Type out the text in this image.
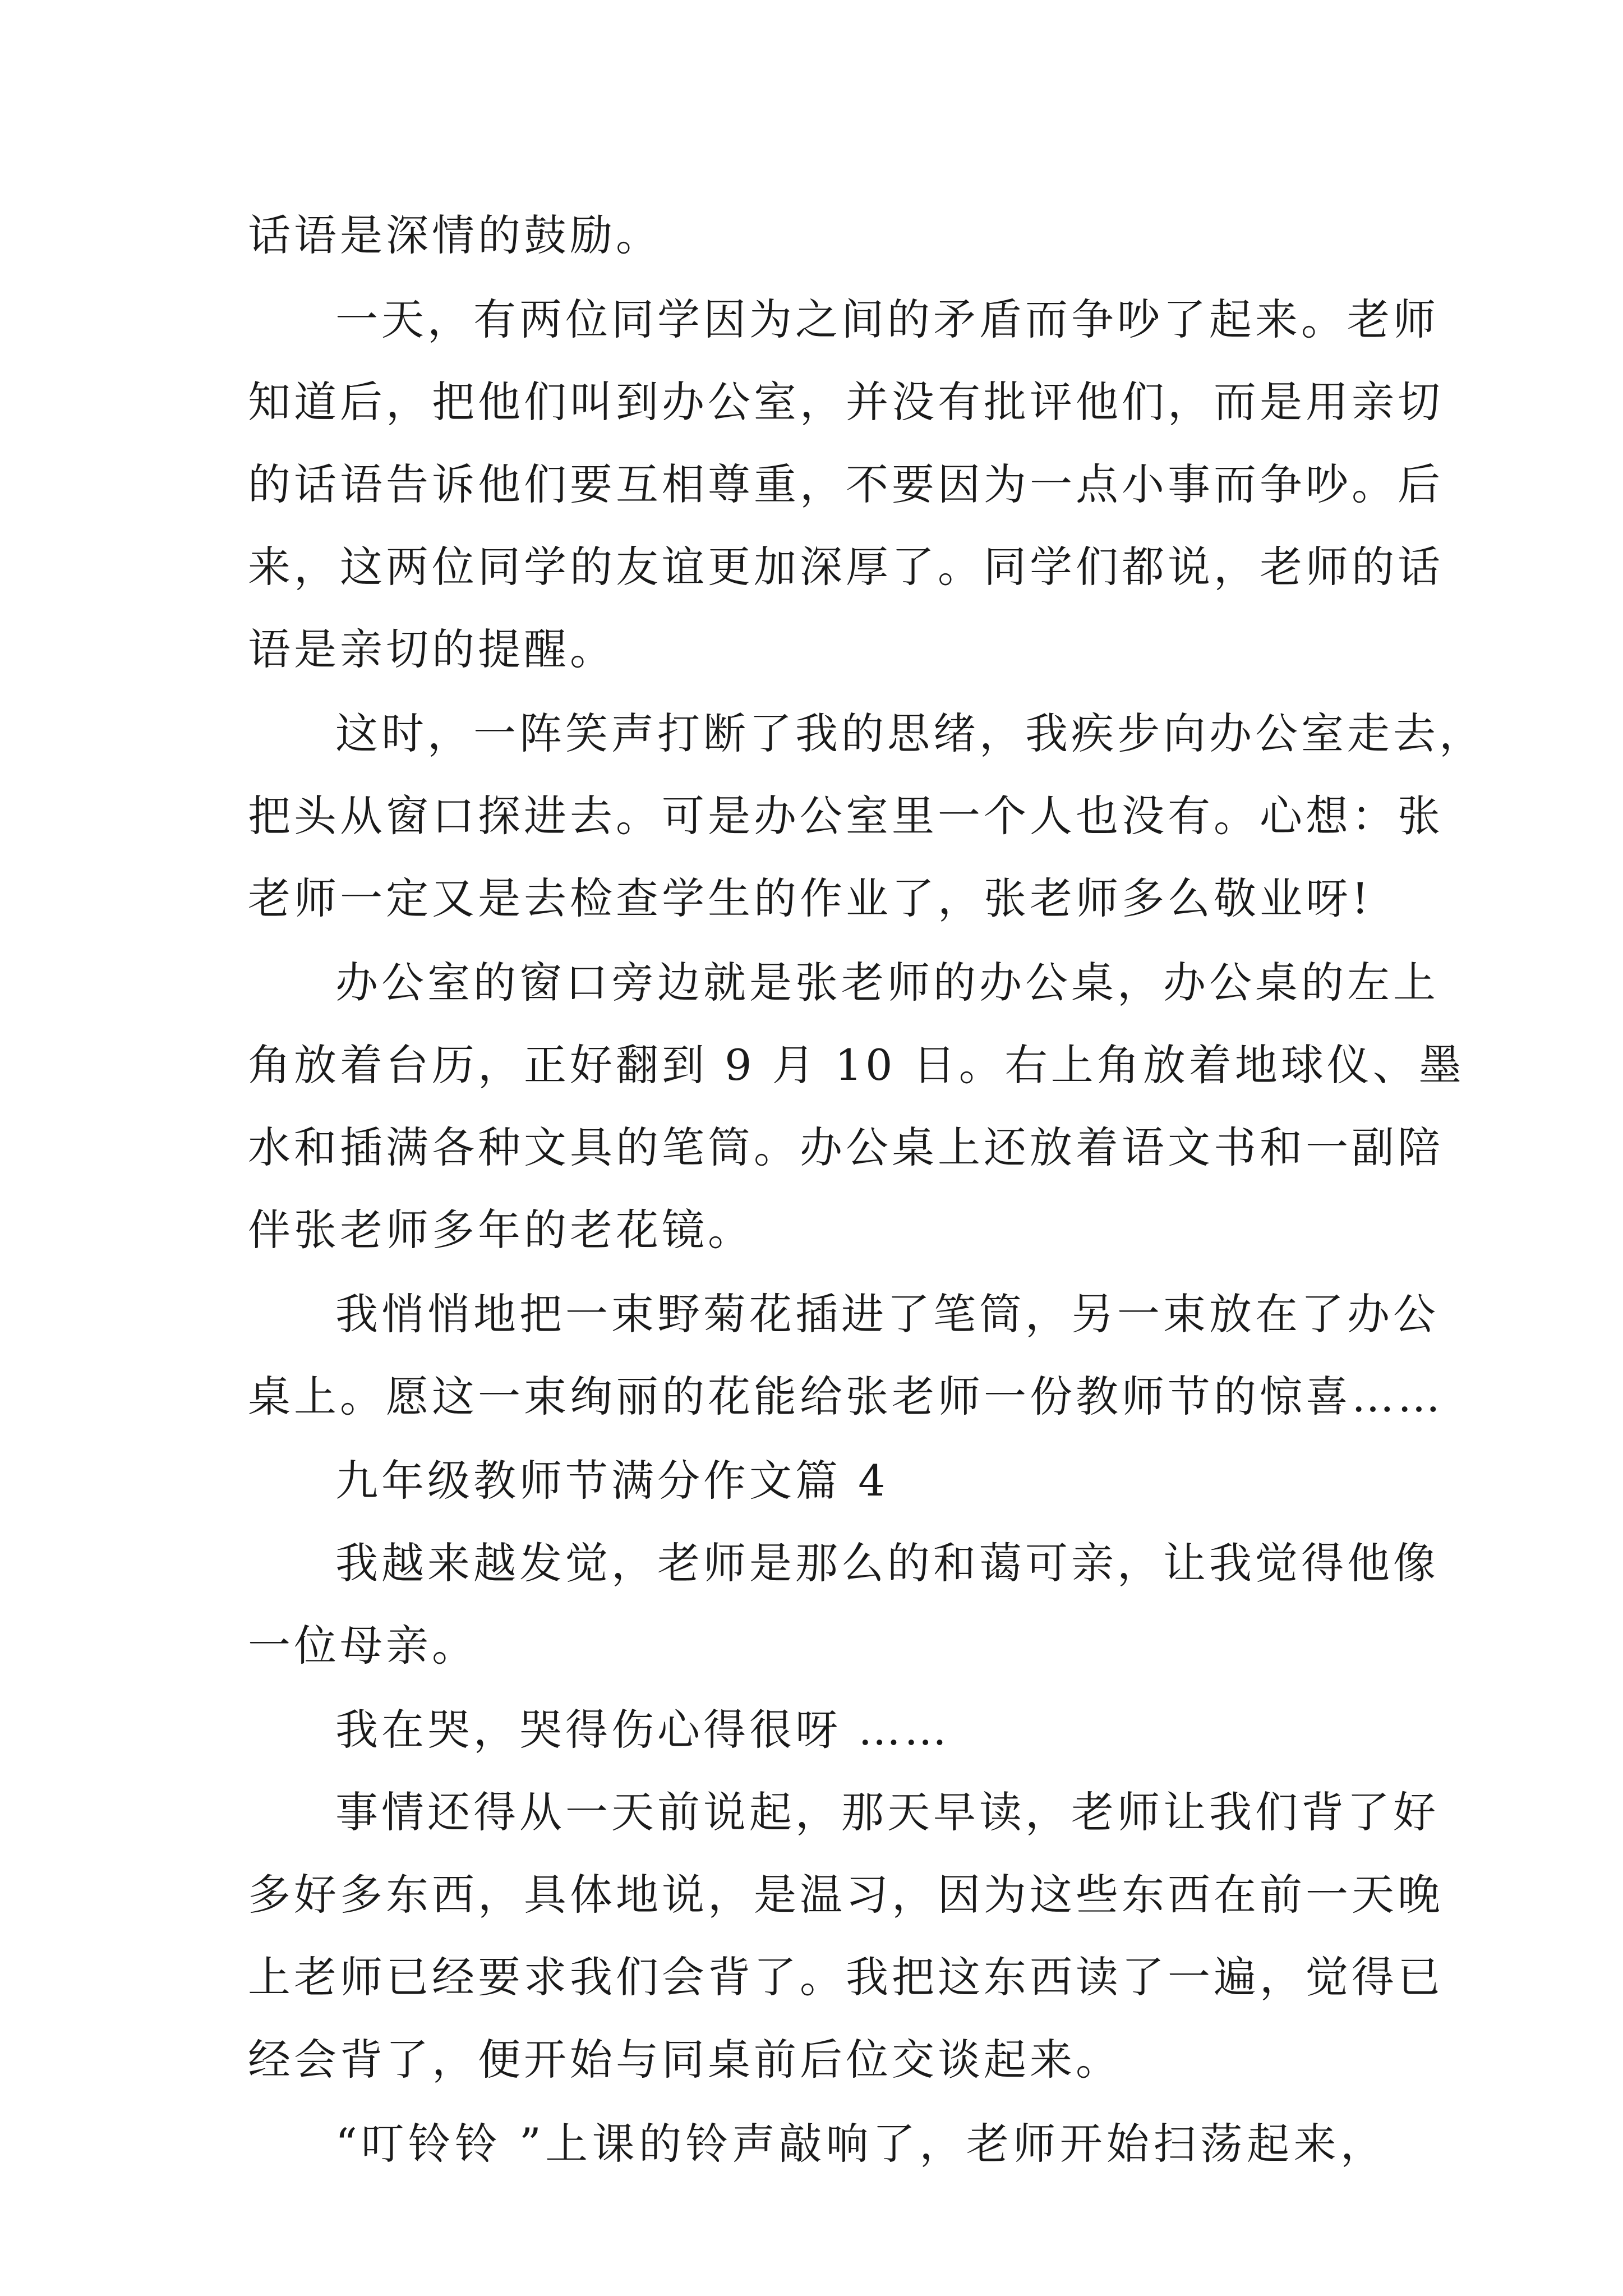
话语是深情的鼓励。

一天，有两位同学因为之间的矛盾而争吵了起来。老师

知道后，把他们叫到办公室，并没有批评他们，而是用亲切

的话语告诉他们要互相尊重，不要因为一点小事而争吵。后

来，这两位同学的友谊更加深厚了。同学们都说，老师的话

语是亲切的提醒。

这时，一阵笑声打断了我的思绪，我疾步向办公室走去，

把头从窗口探进去。可是办公室里一个人也没有。心想：张

老师一定又是去检查学生的作业了，张老师多么敬业呀!

办公室的窗口旁边就是张老师的办公桌，办公桌的左上

角放着台历，正好翻到 9 月 10 日。右上角放着地球仪、墨

水和插满各种文具的笔筒。办公桌上还放着语文书和一副陪

伴张老师多年的老花镜。

我悄悄地把一束野菊花插进了笔筒，另一束放在了办公

桌上。愿这一束绚丽的花能给张老师一份教师节的惊喜……

九年级教师节满分作文篇 4

我越来越发觉，老师是那么的和蔼可亲，让我觉得他像

一位母亲。

我在哭，哭得伤心得很呀 ……

事情还得从一天前说起，那天早读，老师让我们背了好

多好多东西，具体地说，是温习，因为这些东西在前一天晚

上老师已经要求我们会背了。我把这东西读了一遍，觉得已

经会背了，便开始与同桌前后位交谈起来。

“叮铃铃 ”上课的铃声敲响了，老师开始扫荡起来，
